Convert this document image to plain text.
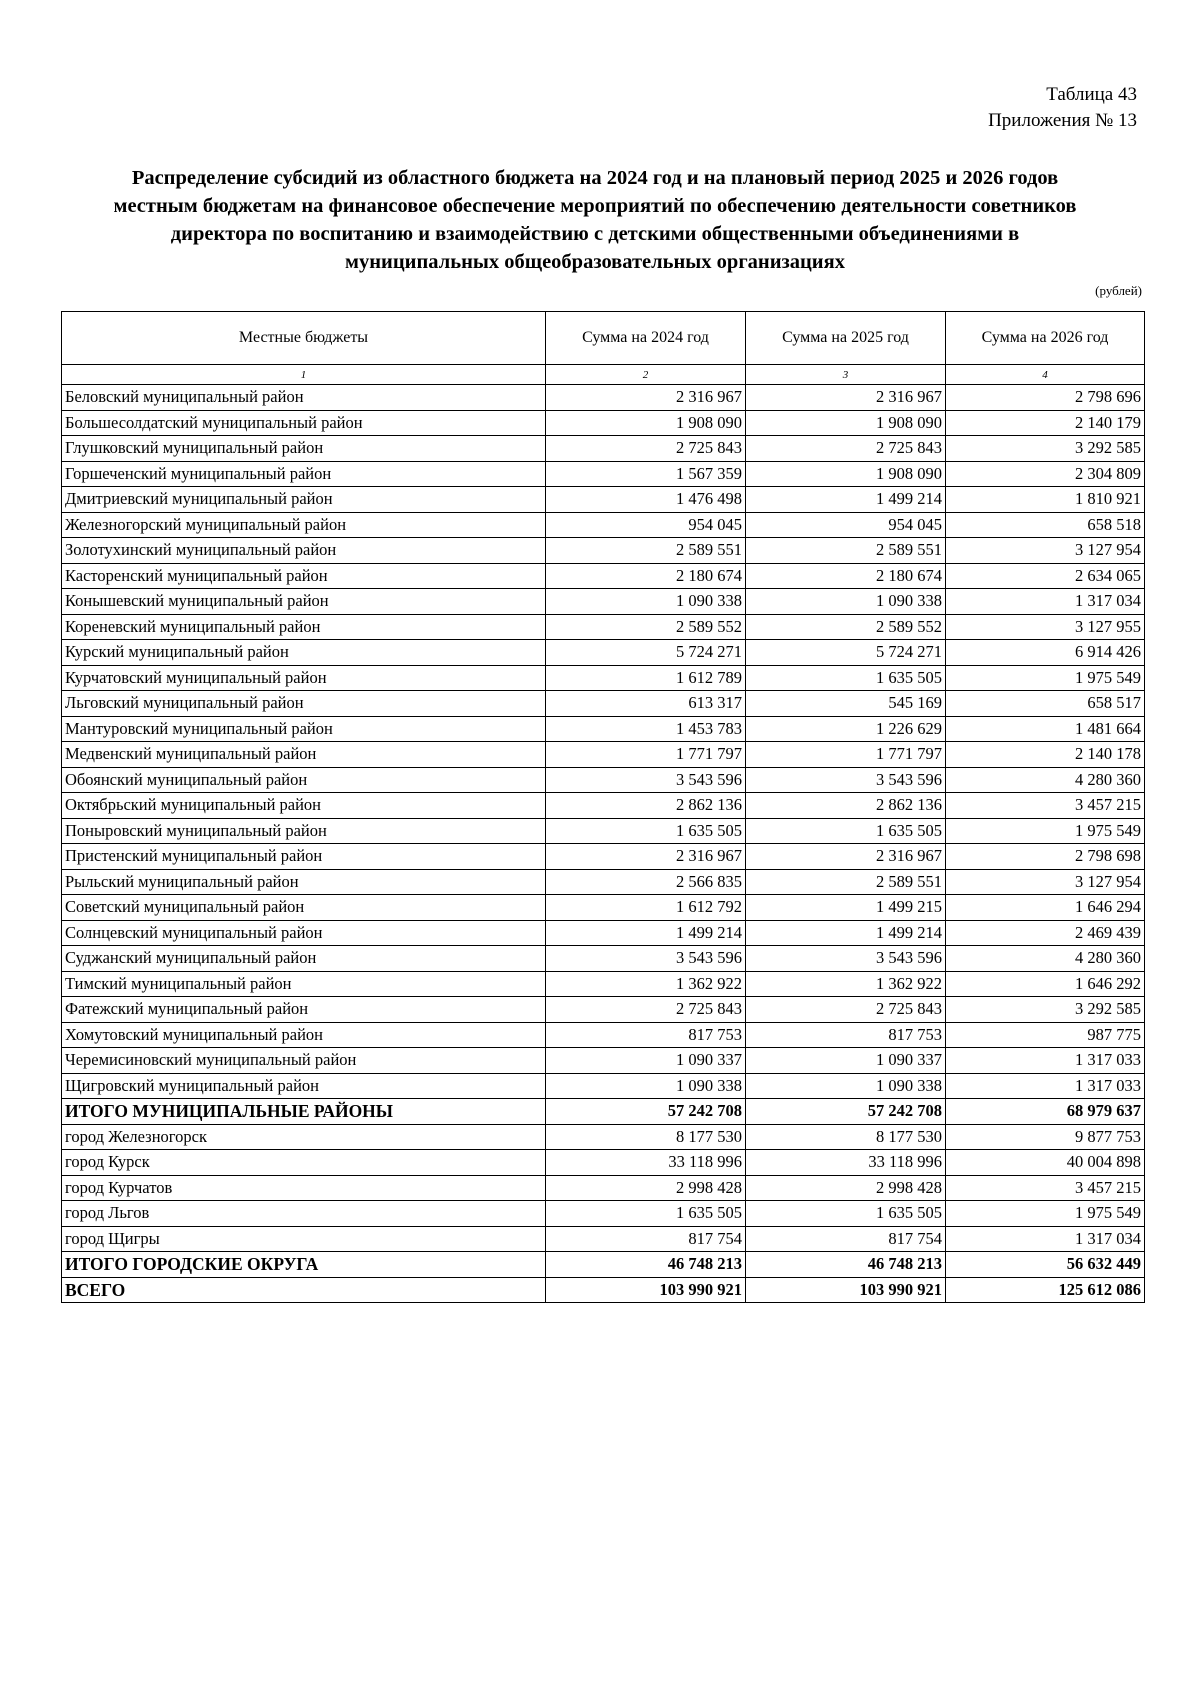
Таблица 43
Приложения № 13
Распределение субсидий из областного бюджета на 2024 год и на плановый период 2025 и 2026 годов
местным бюджетам на финансовое обеспечение мероприятий по обеспечению деятельности советников
директора по воспитанию и взаимодействию с детскими общественными объединениями в
муниципальных общеобразовательных организациях
(рублей)
Местные бюджеты	Сумма на 2024 год	Сумма на 2025 год	Сумма на 2026 год
1	2	3	4
Беловский муниципальный район	2 316 967	2 316 967	2 798 696
Большесолдатский муниципальный район	1 908 090	1 908 090	2 140 179
Глушковский муниципальный район	2 725 843	2 725 843	3 292 585
Горшеченский муниципальный район	1 567 359	1 908 090	2 304 809
Дмитриевский муниципальный район	1 476 498	1 499 214	1 810 921
Железногорский муниципальный район	954 045	954 045	658 518
Золотухинский муниципальный район	2 589 551	2 589 551	3 127 954
Касторенский муниципальный район	2 180 674	2 180 674	2 634 065
Конышевский муниципальный район	1 090 338	1 090 338	1 317 034
Кореневский муниципальный район	2 589 552	2 589 552	3 127 955
Курский муниципальный район	5 724 271	5 724 271	6 914 426
Курчатовский муниципальный район	1 612 789	1 635 505	1 975 549
Льговский муниципальный район	613 317	545 169	658 517
Мантуровский муниципальный район	1 453 783	1 226 629	1 481 664
Медвенский муниципальный район	1 771 797	1 771 797	2 140 178
Обоянский муниципальный район	3 543 596	3 543 596	4 280 360
Октябрьский муниципальный район	2 862 136	2 862 136	3 457 215
Поныровский муниципальный район	1 635 505	1 635 505	1 975 549
Пристенский муниципальный район	2 316 967	2 316 967	2 798 698
Рыльский муниципальный район	2 566 835	2 589 551	3 127 954
Советский муниципальный район	1 612 792	1 499 215	1 646 294
Солнцевский муниципальный район	1 499 214	1 499 214	2 469 439
Суджанский муниципальный район	3 543 596	3 543 596	4 280 360
Тимский муниципальный район	1 362 922	1 362 922	1 646 292
Фатежский муниципальный район	2 725 843	2 725 843	3 292 585
Хомутовский муниципальный район	817 753	817 753	987 775
Черемисиновский муниципальный район	1 090 337	1 090 337	1 317 033
Щигровский муниципальный район	1 090 338	1 090 338	1 317 033
ИТОГО МУНИЦИПАЛЬНЫЕ РАЙОНЫ	57 242 708	57 242 708	68 979 637
город Железногорск	8 177 530	8 177 530	9 877 753
город Курск	33 118 996	33 118 996	40 004 898
город Курчатов	2 998 428	2 998 428	3 457 215
город Льгов	1 635 505	1 635 505	1 975 549
город Щигры	817 754	817 754	1 317 034
ИТОГО ГОРОДСКИЕ ОКРУГА	46 748 213	46 748 213	56 632 449
ВСЕГО	103 990 921	103 990 921	125 612 086
